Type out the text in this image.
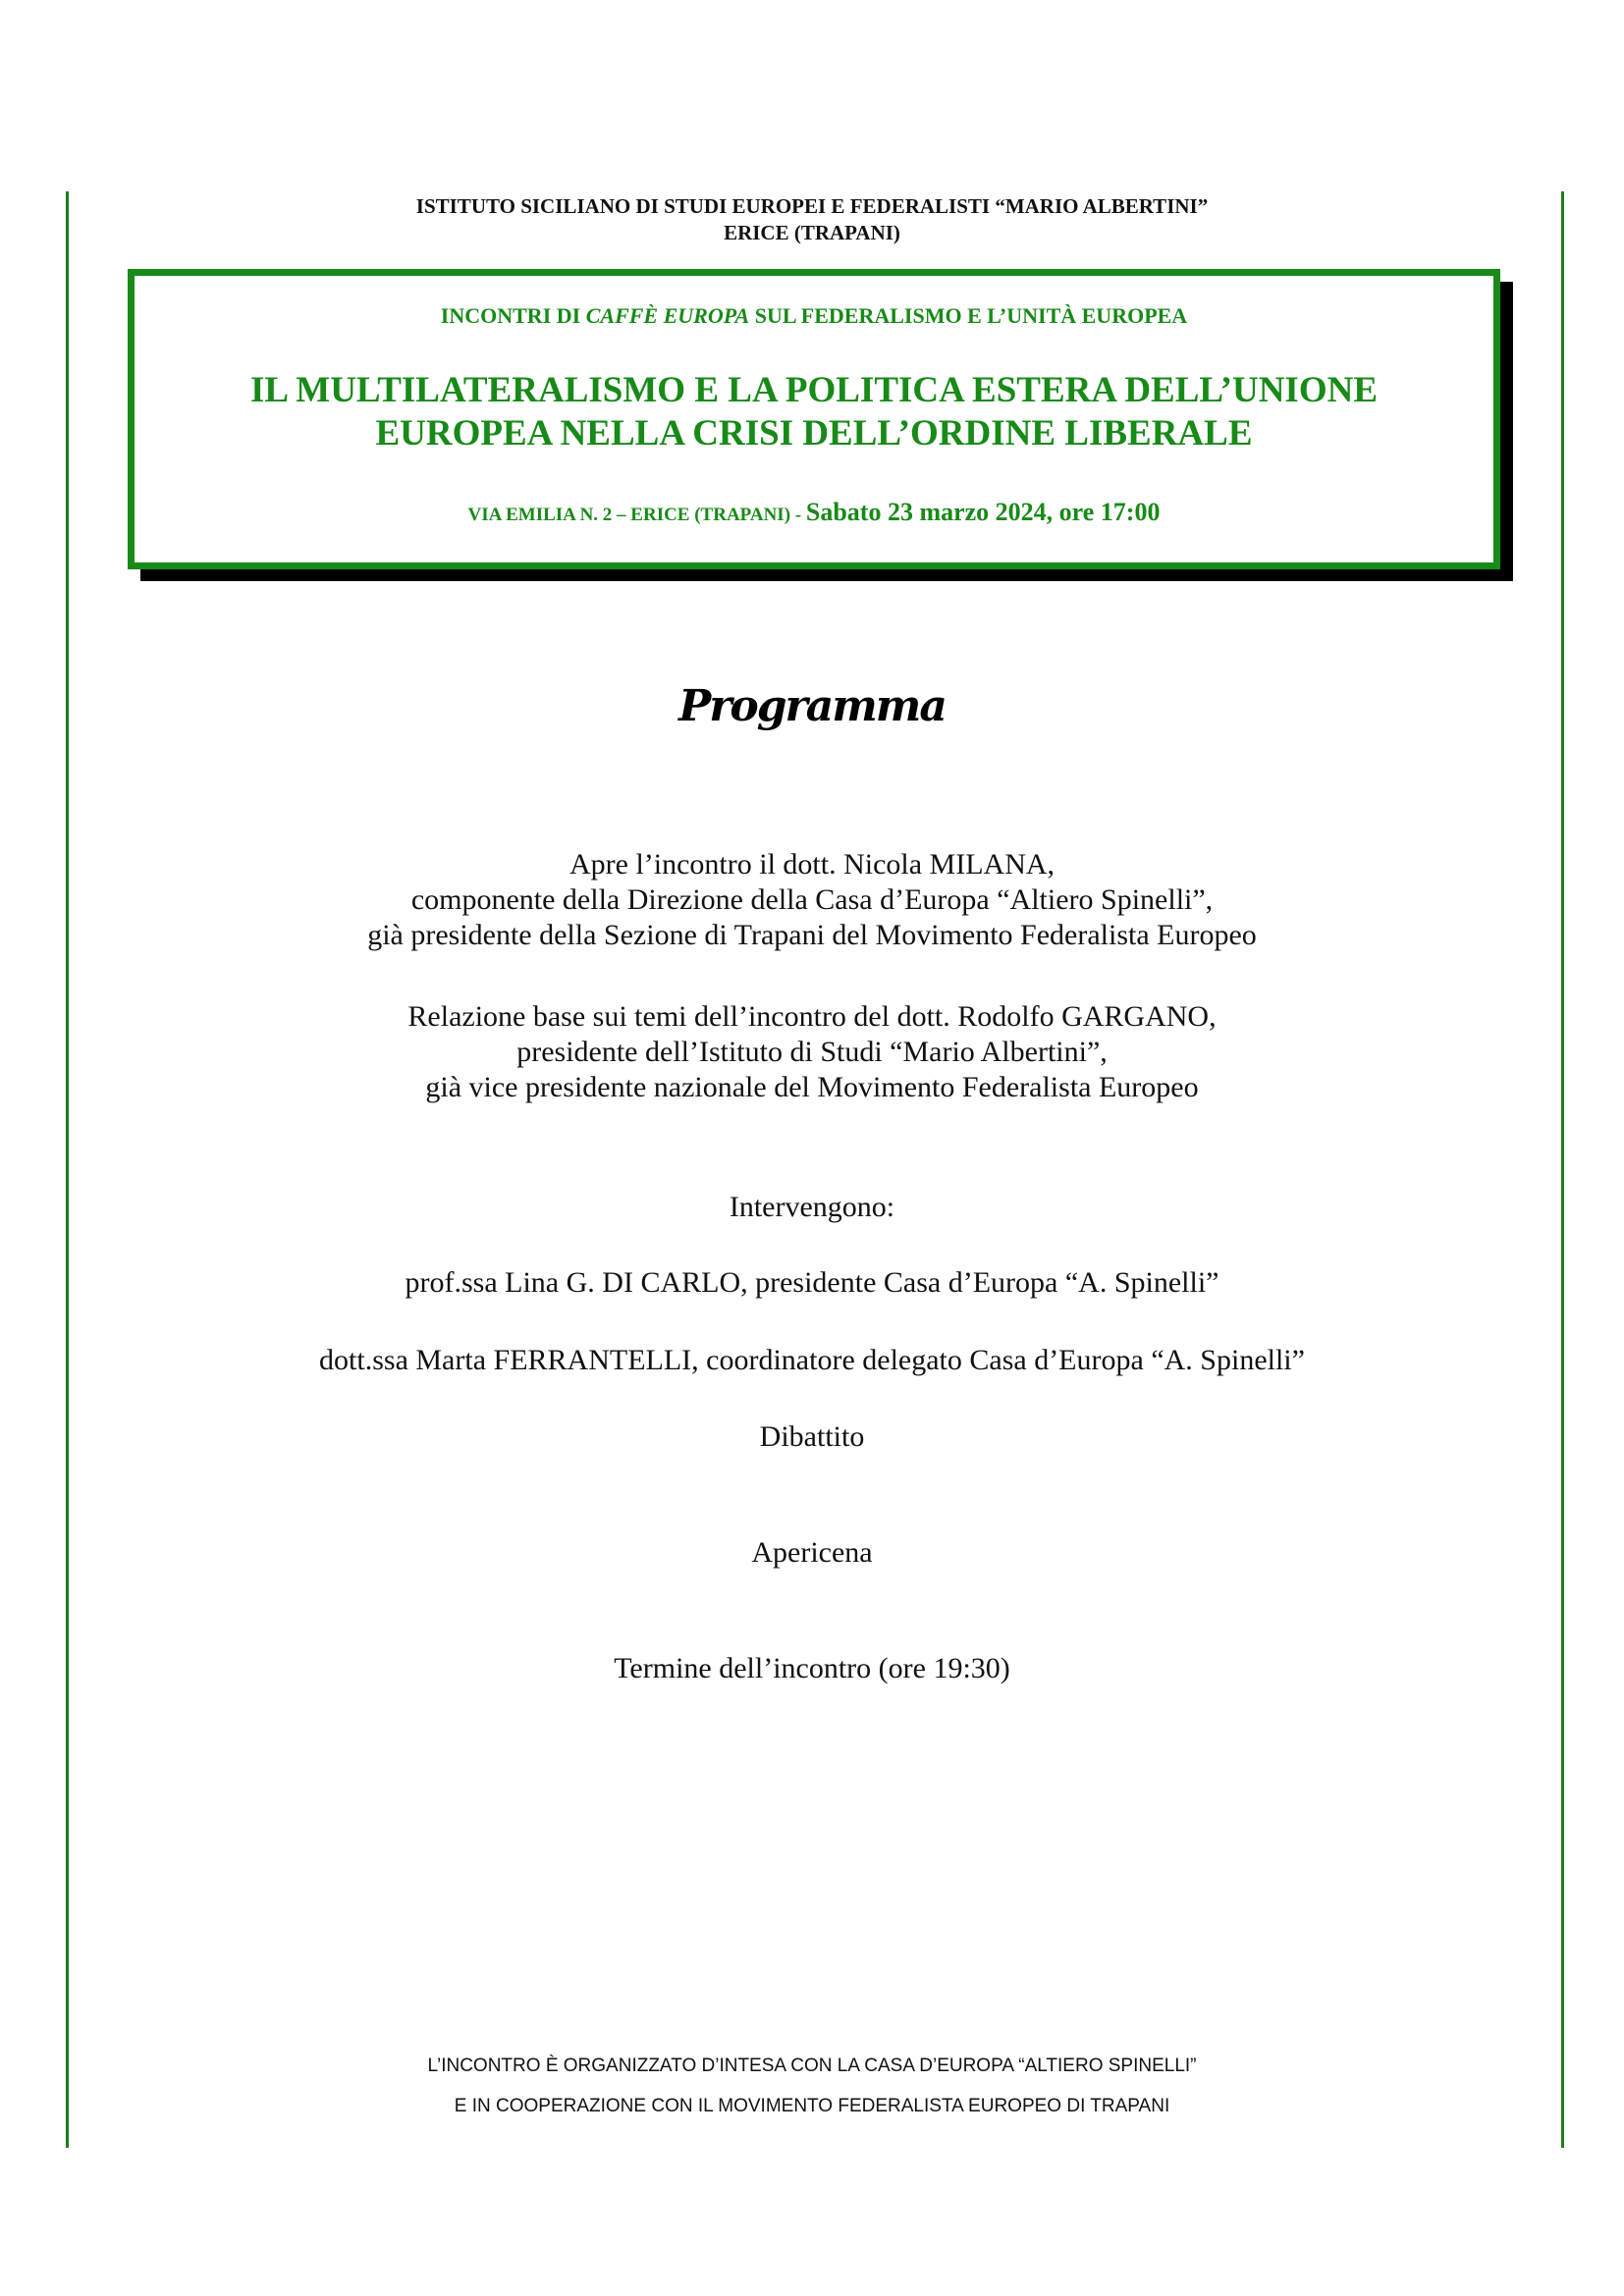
ISTITUTO SICILIANO DI STUDI EUROPEI E FEDERALISTI “MARIO ALBERTINI”
ERICE (TRAPANI)
INCONTRI DI CAFFÈ EUROPA SUL FEDERALISMO E L’UNITÀ EUROPEA
IL MULTILATERALISMO E LA POLITICA ESTERA DELL’UNIONE
EUROPEA NELLA CRISI DELL’ORDINE LIBERALE
VIA EMILIA N. 2 – ERICE (TRAPANI) - Sabato 23 marzo 2024, ore 17:00
Programma
Apre l’incontro il dott. Nicola MILANA,
componente della Direzione della Casa d’Europa “Altiero Spinelli”,
già presidente della Sezione di Trapani del Movimento Federalista Europeo
Relazione base sui temi dell’incontro del dott. Rodolfo GARGANO,
presidente dell’Istituto di Studi “Mario Albertini”,
già vice presidente nazionale del Movimento Federalista Europeo
Intervengono:
prof.ssa Lina G. DI CARLO, presidente Casa d’Europa “A. Spinelli”
dott.ssa Marta FERRANTELLI, coordinatore delegato Casa d’Europa “A. Spinelli”
Dibattito
Apericena
Termine dell’incontro (ore 19:30)
L’INCONTRO È ORGANIZZATO D’INTESA CON LA CASA D’EUROPA “ALTIERO SPINELLI”
E IN COOPERAZIONE CON IL MOVIMENTO FEDERALISTA EUROPEO DI TRAPANI
